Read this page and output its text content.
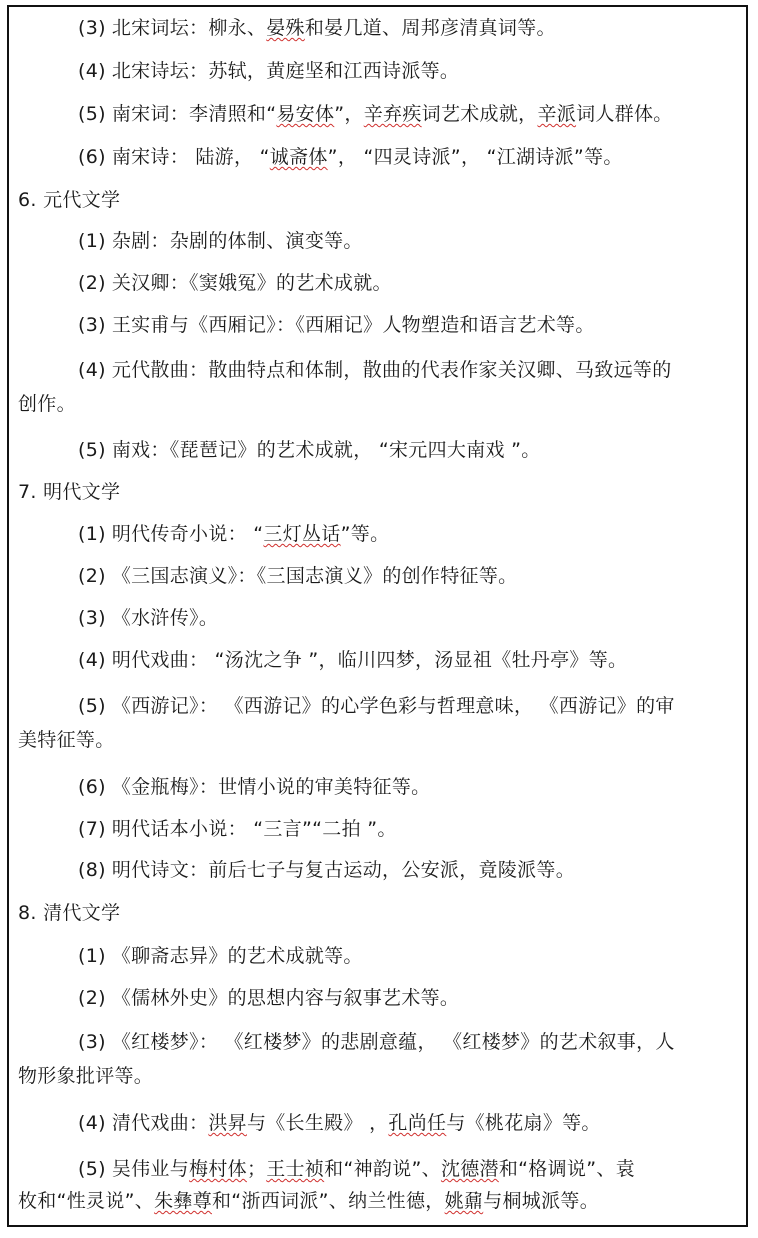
(3) 北宋词坛：柳永、晏殊和晏几道、周邦彦清真词等。
(4) 北宋诗坛：苏轼，黄庭坚和江西诗派等。
(5) 南宋词：李清照和“易安体”，辛弃疾词艺术成就，辛派词人群体。
(6) 南宋诗： 陆游， “诚斋体”， “四灵诗派”， “江湖诗派”等。
6. 元代文学
(1) 杂剧：杂剧的体制、演变等。
(2) 关汉卿：《窦娥冤》的艺术成就。
(3) 王实甫与《西厢记》：《西厢记》人物塑造和语言艺术等。
(4) 元代散曲：散曲特点和体制，散曲的代表作家关汉卿、马致远等的
创作。
(5) 南戏：《琵琶记》的艺术成就， “宋元四大南戏 ”。
7. 明代文学
(1) 明代传奇小说： “三灯丛话”等。
(2) 《三国志演义》：《三国志演义》的创作特征等。
(3) 《水浒传》。
(4) 明代戏曲： “汤沈之争 ”，临川四梦，汤显祖《牡丹亭》等。
(5) 《西游记》： 《西游记》的心学色彩与哲理意味， 《西游记》的审
美特征等。
(6) 《金瓶梅》：世情小说的审美特征等。
(7) 明代话本小说： “三言”“二拍 ”。
(8) 明代诗文：前后七子与复古运动，公安派，竟陵派等。
8. 清代文学
(1) 《聊斋志异》的艺术成就等。
(2) 《儒林外史》的思想内容与叙事艺术等。
(3) 《红楼梦》： 《红楼梦》的悲剧意蕴， 《红楼梦》的艺术叙事，人
物形象批评等。
(4) 清代戏曲：洪昇与《长生殿》 ，孔尚任与《桃花扇》等。
(5) 吴伟业与梅村体；王士祯和“神韵说”、沈德潜和“格调说”、袁
枚和“性灵说”、朱彝尊和“浙西词派”、纳兰性德，姚鼐与桐城派等。
